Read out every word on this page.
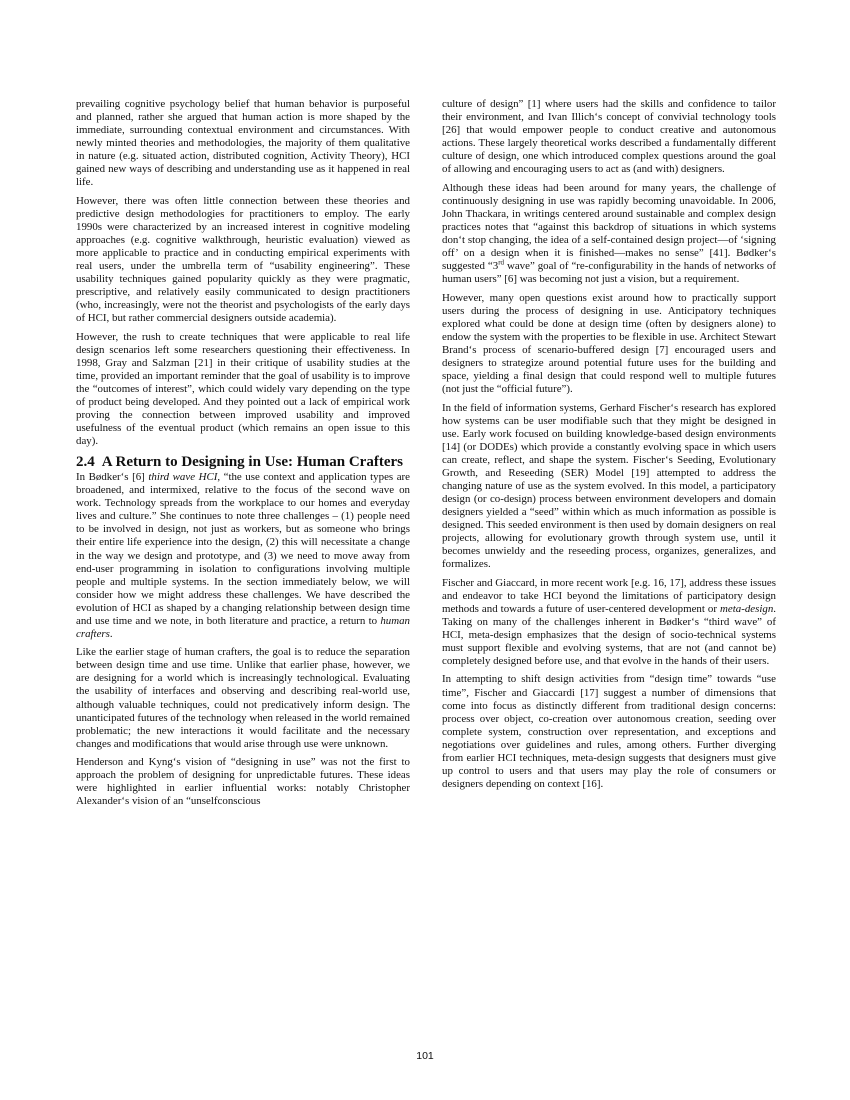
prevailing cognitive psychology belief that human behavior is purposeful and planned, rather she argued that human action is more shaped by the immediate, surrounding contextual environment and circumstances. With newly minted theories and methodologies, the majority of them qualitative in nature (e.g. situated action, distributed cognition, Activity Theory), HCI gained new ways of describing and understanding use as it happened in real life.

However, there was often little connection between these theories and predictive design methodologies for practitioners to employ. The early 1990s were characterized by an increased interest in cognitive modeling approaches (e.g. cognitive walkthrough, heuristic evaluation) viewed as more applicable to practice and in conducting empirical experiments with real users, under the umbrella term of “usability engineering”. These usability techniques gained popularity quickly as they were pragmatic, prescriptive, and relatively easily communicated to design practitioners (who, increasingly, were not the theorist and psychologists of the early days of HCI, but rather commercial designers outside academia).

However, the rush to create techniques that were applicable to real life design scenarios left some researchers questioning their effectiveness. In 1998, Gray and Salzman [21] in their critique of usability studies at the time, provided an important reminder that the goal of usability is to improve the “outcomes of interest”, which could widely vary depending on the type of product being developed. And they pointed out a lack of empirical work proving the connection between improved usability and improved usefulness of the eventual product (which remains an open issue to this day).

2.4 A Return to Designing in Use: Human Crafters

In Bødker‘s [6] third wave HCI, “the use context and application types are broadened, and intermixed, relative to the focus of the second wave on work. Technology spreads from the workplace to our homes and everyday lives and culture.” She continues to note three challenges – (1) people need to be involved in design, not just as workers, but as someone who brings their entire life experience into the design, (2) this will necessitate a change in the way we design and prototype, and (3) we need to move away from end-user programming in isolation to configurations involving multiple people and multiple systems. In the section immediately below, we will consider how we might address these challenges. We have described the evolution of HCI as shaped by a changing relationship between design time and use time and we note, in both literature and practice, a return to human crafters.

Like the earlier stage of human crafters, the goal is to reduce the separation between design time and use time. Unlike that earlier phase, however, we are designing for a world which is increasingly technological. Evaluating the usability of interfaces and observing and describing real-world use, although valuable techniques, could not predicatively inform design. The unanticipated futures of the technology when released in the world remained problematic; the new interactions it would facilitate and the necessary changes and modifications that would arise through use were unknown.

Henderson and Kyng‘s vision of “designing in use” was not the first to approach the problem of designing for unpredictable futures. These ideas were highlighted in earlier influential works: notably Christopher Alexander‘s vision of an “unselfconscious

culture of design” [1] where users had the skills and confidence to tailor their environment, and Ivan Illich‘s concept of convivial technology tools [26] that would empower people to conduct creative and autonomous actions. These largely theoretical works described a fundamentally different culture of design, one which introduced complex questions around the goal of allowing and encouraging users to act as (and with) designers.

Although these ideas had been around for many years, the challenge of continuously designing in use was rapidly becoming unavoidable. In 2006, John Thackara, in writings centered around sustainable and complex design practices notes that “against this backdrop of situations in which systems don‘t stop changing, the idea of a self-contained design project—of ‘signing off’ on a design when it is finished—makes no sense” [41]. Bødker‘s suggested “3rd wave” goal of “re-configurability in the hands of networks of human users” [6] was becoming not just a vision, but a requirement.

However, many open questions exist around how to practically support users during the process of designing in use. Anticipatory techniques explored what could be done at design time (often by designers alone) to endow the system with the properties to be flexible in use. Architect Stewart Brand‘s process of scenario-buffered design [7] encouraged users and designers to strategize around potential future uses for the building and space, yielding a final design that could respond well to multiple futures (not just the “official future”).

In the field of information systems, Gerhard Fischer‘s research has explored how systems can be user modifiable such that they might be designed in use. Early work focused on building knowledge-based design environments [14] (or DODEs) which provide a constantly evolving space in which users can create, reflect, and shape the system. Fischer‘s Seeding, Evolutionary Growth, and Reseeding (SER) Model [19] attempted to address the changing nature of use as the system evolved. In this model, a participatory design (or co-design) process between environment developers and domain designers yielded a “seed” within which as much information as possible is designed. This seeded environment is then used by domain designers on real projects, allowing for evolutionary growth through system use, until it becomes unwieldy and the reseeding process, organizes, generalizes, and formalizes.

Fischer and Giaccard, in more recent work [e.g. 16, 17], address these issues and endeavor to take HCI beyond the limitations of participatory design methods and towards a future of user-centered development or meta-design. Taking on many of the challenges inherent in Bødker‘s “third wave” of HCI, meta-design emphasizes that the design of socio-technical systems must support flexible and evolving systems, that are not (and cannot be) completely designed before use, and that evolve in the hands of their users.

In attempting to shift design activities from “design time” towards “use time”, Fischer and Giaccardi [17] suggest a number of dimensions that come into focus as distinctly different from traditional design concerns: process over object, co-creation over autonomous creation, seeding over complete system, construction over representation, and exceptions and negotiations over guidelines and rules, among others. Further diverging from earlier HCI techniques, meta-design suggests that designers must give up control to users and that users may play the role of consumers or designers depending on context [16].

101
